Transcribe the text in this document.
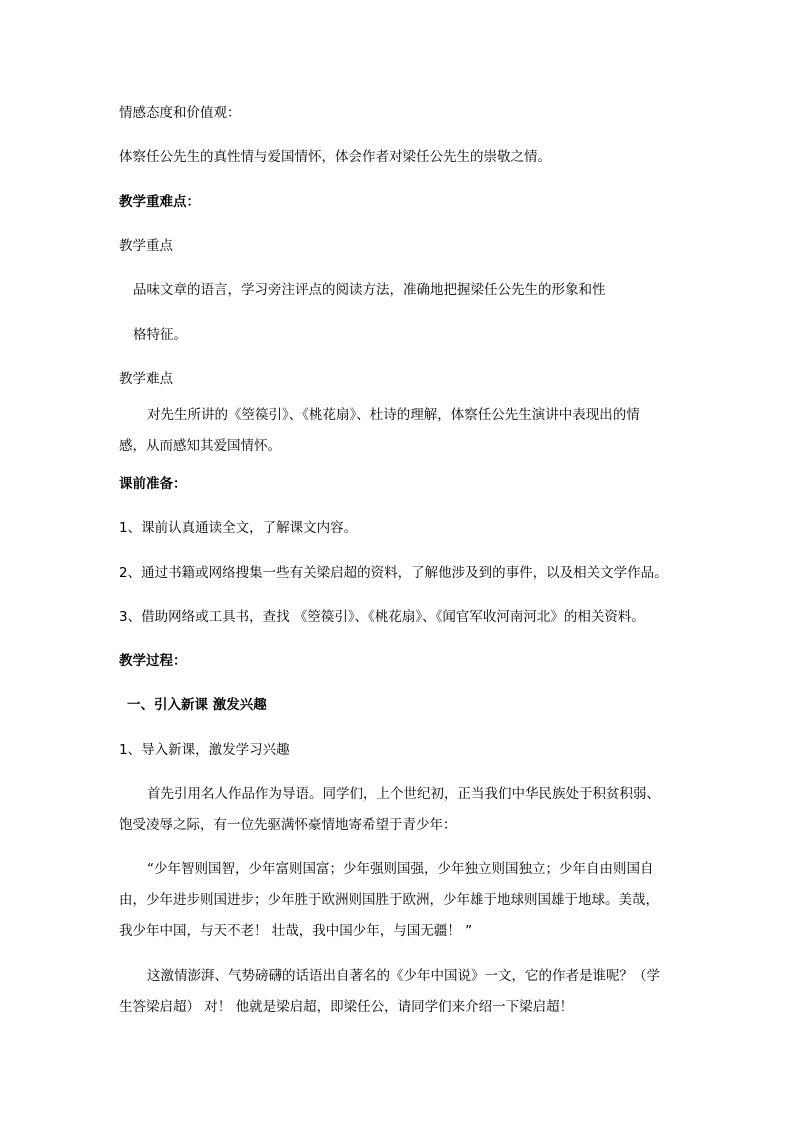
情感态度和价值观：
体察任公先生的真性情与爱国情怀，体会作者对梁任公先生的崇敬之情。
教学重难点：
教学重点
品味文章的语言，学习旁注评点的阅读方法，准确地把握梁任公先生的形象和性
格特征。
教学难点
对先生所讲的《箜篌引》、《桃花扇》、杜诗的理解，体察任公先生演讲中表现出的情
感，从而感知其爱国情怀。
课前准备：
1、课前认真通读全文，了解课文内容。
2、通过书籍或网络搜集一些有关梁启超的资料，了解他涉及到的事件，以及相关文学作品。
3、借助网络或工具书，查找 《箜篌引》、《桃花扇》、《闻官军收河南河北》的相关资料。
教学过程：
一、引入新课 激发兴趣
1、导入新课，激发学习兴趣
首先引用名人作品作为导语。同学们，上个世纪初，正当我们中华民族处于积贫积弱、
饱受凌辱之际，有一位先驱满怀豪情地寄希望于青少年：
“少年智则国智，少年富则国富；少年强则国强，少年独立则国独立；少年自由则国自
由，少年进步则国进步；少年胜于欧洲则国胜于欧洲，少年雄于地球则国雄于地球。美哉，
我少年中国，与天不老！ 壮哉，我中国少年，与国无疆！ ”
这激情澎湃、气势磅礴的话语出自著名的《少年中国说》一文，它的作者是谁呢？（学
生答梁启超） 对！ 他就是梁启超，即梁任公，请同学们来介绍一下梁启超！
